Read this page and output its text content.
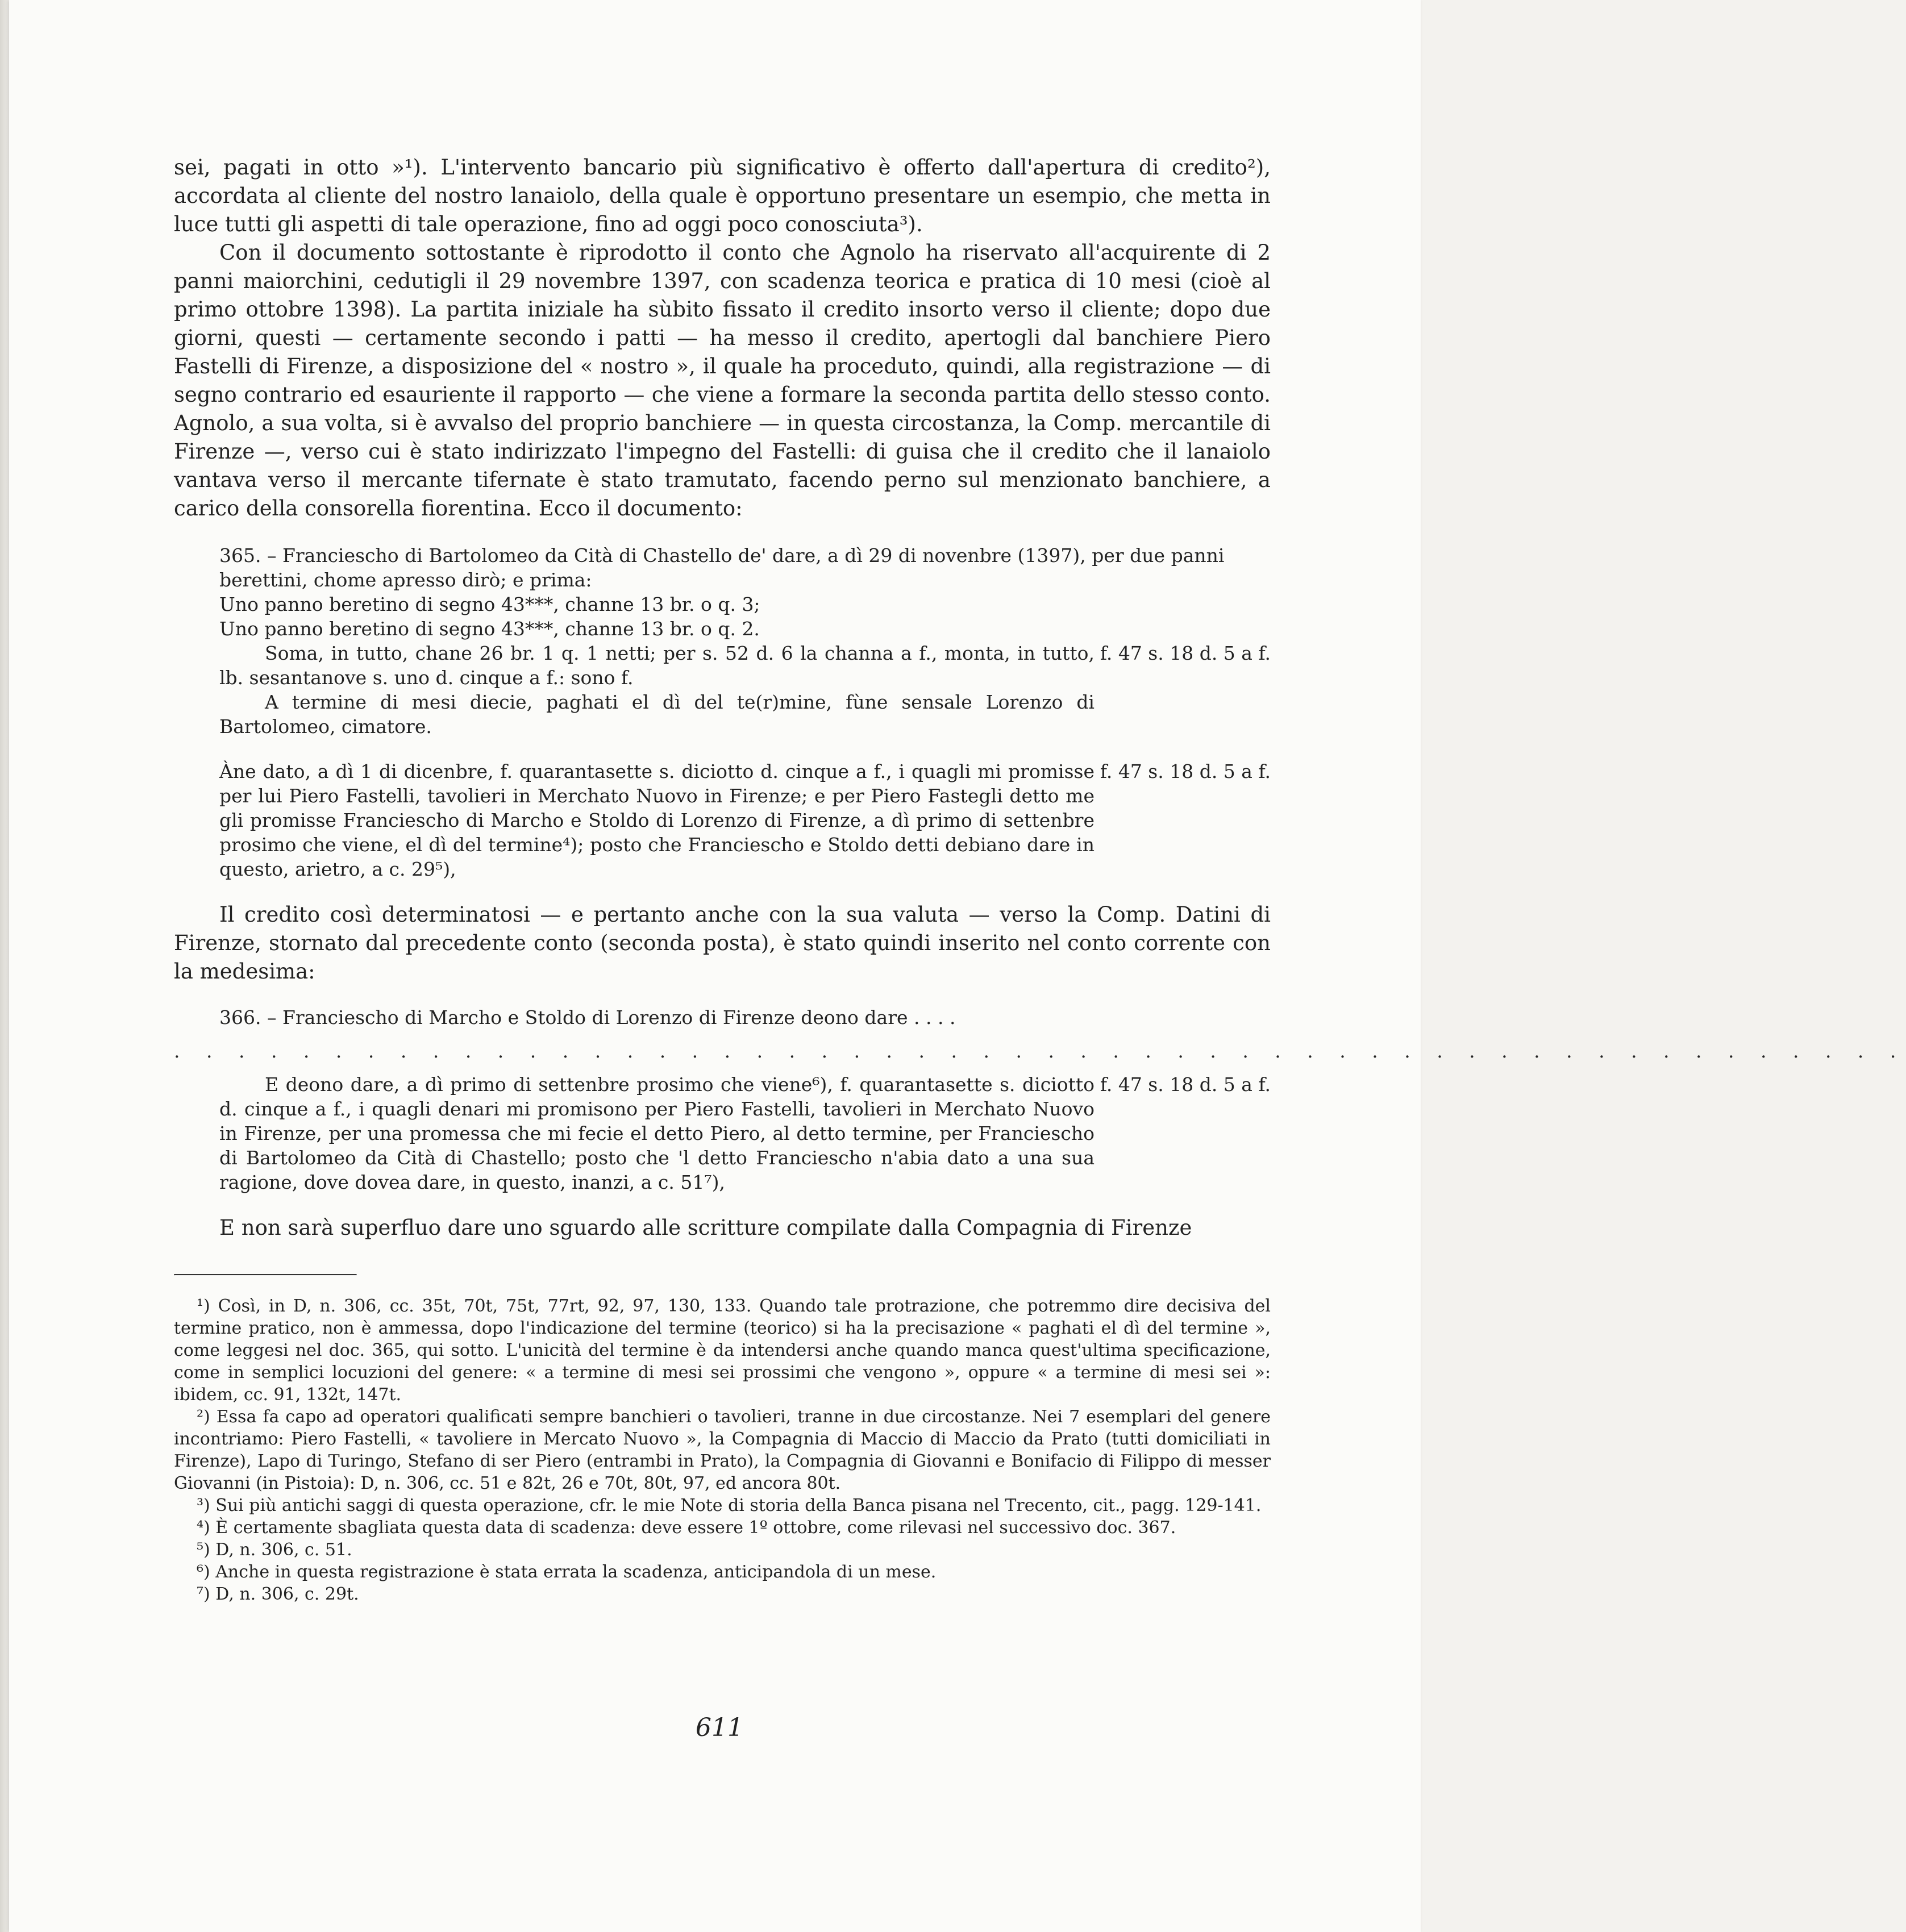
sei, pagati in otto »¹). L'intervento bancario più significativo è offerto dall'apertura di credito²), accordata al cliente del nostro lanaiolo, della quale è opportuno presentare un esempio, che metta in luce tutti gli aspetti di tale operazione, fino ad oggi poco conosciuta³).

Con il documento sottostante è riprodotto il conto che Agnolo ha riservato all'acquirente di 2 panni maiorchini, cedutigli il 29 novembre 1397, con scadenza teorica e pratica di 10 mesi (cioè al primo ottobre 1398). La partita iniziale ha sùbito fissato il credito insorto verso il cliente; dopo due giorni, questi — certamente secondo i patti — ha messo il credito, apertogli dal banchiere Piero Fastelli di Firenze, a disposizione del « nostro », il quale ha proceduto, quindi, alla registrazione — di segno contrario ed esauriente il rapporto — che viene a formare la seconda partita dello stesso conto. Agnolo, a sua volta, si è avvalso del proprio banchiere — in questa circostanza, la Comp. mercantile di Firenze —, verso cui è stato indirizzato l'impegno del Fastelli: di guisa che il credito che il lanaiolo vantava verso il mercante tifernate è stato tramutato, facendo perno sul menzionato banchiere, a carico della consorella fiorentina. Ecco il documento:

365. – Franciescho di Bartolomeo da Cità di Chastello de' dare, a dì 29 di novenbre (1397), per due panni berettini, chome apresso dirò; e prima:

Uno panno beretino di segno 43***, channe 13 br. o q. 3;

Uno panno beretino di segno 43***, channe 13 br. o q. 2.

Soma, in tutto, chane 26 br. 1 q. 1 netti; per s. 52 d. 6 la channa a f., monta, in tutto, lb. sesantanove s. uno d. cinque a f.: sono f.
f. 47 s. 18 d. 5 a f.

A termine di mesi diecie, paghati el dì del te(r)mine, fùne sensale Lorenzo di Bartolomeo, cimatore.

Àne dato, a dì 1 di dicenbre, f. quarantasette s. diciotto d. cinque a f., i quagli mi promisse per lui Piero Fastelli, tavolieri in Merchato Nuovo in Firenze; e per Piero Fastegli detto me gli promisse Franciescho di Marcho e Stoldo di Lorenzo di Firenze, a dì primo di settenbre prosimo che viene, el dì del termine⁴); posto che Franciescho e Stoldo detti debiano dare in questo, arietro, a c. 29⁵),
f. 47 s. 18 d. 5 a f.

Il credito così determinatosi — e pertanto anche con la sua valuta — verso la Comp. Datini di Firenze, stornato dal precedente conto (seconda posta), è stato quindi inserito nel conto corrente con la medesima:

366. – Franciescho di Marcho e Stoldo di Lorenzo di Firenze deono dare . . . .

. . . . . . . . . . . . . . . . . . . . . . . . . . . . . . . . . . . . . . . . . . . . . . . . . . . . . .
E deono dare, a dì primo di settenbre prosimo che viene⁶), f. quarantasette s. diciotto d. cinque a f., i quagli denari mi promisono per Piero Fastelli, tavolieri in Merchato Nuovo in Firenze, per una promessa che mi fecie el detto Piero, al detto termine, per Franciescho di Bartolomeo da Cità di Chastello; posto che 'l detto Franciescho n'abia dato a una sua ragione, dove dovea dare, in questo, inanzi, a c. 51⁷),
f. 47 s. 18 d. 5 a f.

E non sarà superfluo dare uno sguardo alle scritture compilate dalla Compagnia di Firenze

¹) Così, in D, n. 306, cc. 35t, 70t, 75t, 77rt, 92, 97, 130, 133. Quando tale protrazione, che potremmo dire decisiva del termine pratico, non è ammessa, dopo l'indicazione del termine (teorico) si ha la precisazione « paghati el dì del termine », come leggesi nel doc. 365, qui sotto. L'unicità del termine è da intendersi anche quando manca quest'ultima specificazione, come in semplici locuzioni del genere: « a termine di mesi sei prossimi che vengono », oppure « a termine di mesi sei »: ibidem, cc. 91, 132t, 147t.

²) Essa fa capo ad operatori qualificati sempre banchieri o tavolieri, tranne in due circostanze. Nei 7 esemplari del genere incontriamo: Piero Fastelli, « tavoliere in Mercato Nuovo », la Compagnia di Maccio di Maccio da Prato (tutti domiciliati in Firenze), Lapo di Turingo, Stefano di ser Piero (entrambi in Prato), la Compagnia di Giovanni e Bonifacio di Filippo di messer Giovanni (in Pistoia): D, n. 306, cc. 51 e 82t, 26 e 70t, 80t, 97, ed ancora 80t.

³) Sui più antichi saggi di questa operazione, cfr. le mie Note di storia della Banca pisana nel Trecento, cit., pagg. 129-141.

⁴) È certamente sbagliata questa data di scadenza: deve essere 1º ottobre, come rilevasi nel successivo doc. 367.

⁵) D, n. 306, c. 51.

⁶) Anche in questa registrazione è stata errata la scadenza, anticipandola di un mese.

⁷) D, n. 306, c. 29t.

611
